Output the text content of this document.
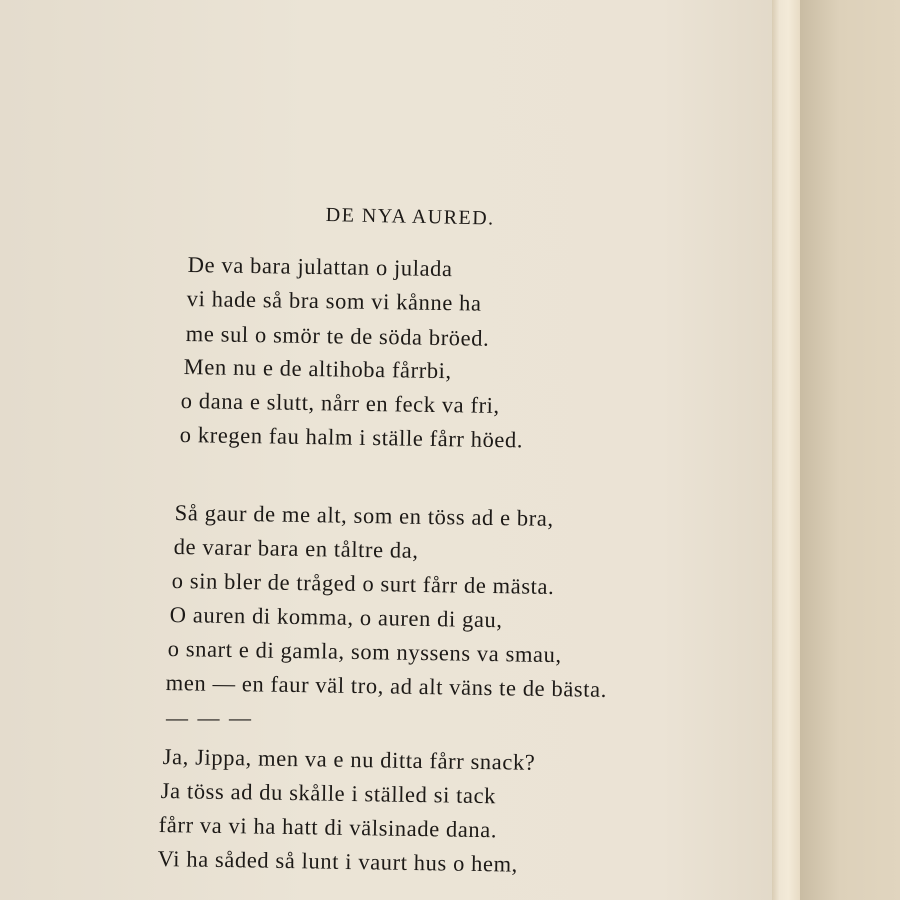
DE NYA AURED.
De va bara julattan o julada
vi hade så bra som vi kånne ha
me sul o smör te de söda bröed.
Men nu e de altihoba fårrbi,
o dana e slutt, nårr en feck va fri,
o kregen fau halm i ställe fårr höed.
Så gaur de me alt, som en töss ad e bra,
de varar bara en tåltre da,
o sin bler de tråged o surt fårr de mästa.
O auren di komma, o auren di gau,
o snart e di gamla, som nyssens va smau,
men — en faur väl tro, ad alt väns te de bästa.
— — —
Ja, Jippa, men va e nu ditta fårr snack?
Ja töss ad du skålle i ställed si tack
fårr va vi ha hatt di välsinade dana.
Vi ha såded så lunt i vaurt hus o hem,
